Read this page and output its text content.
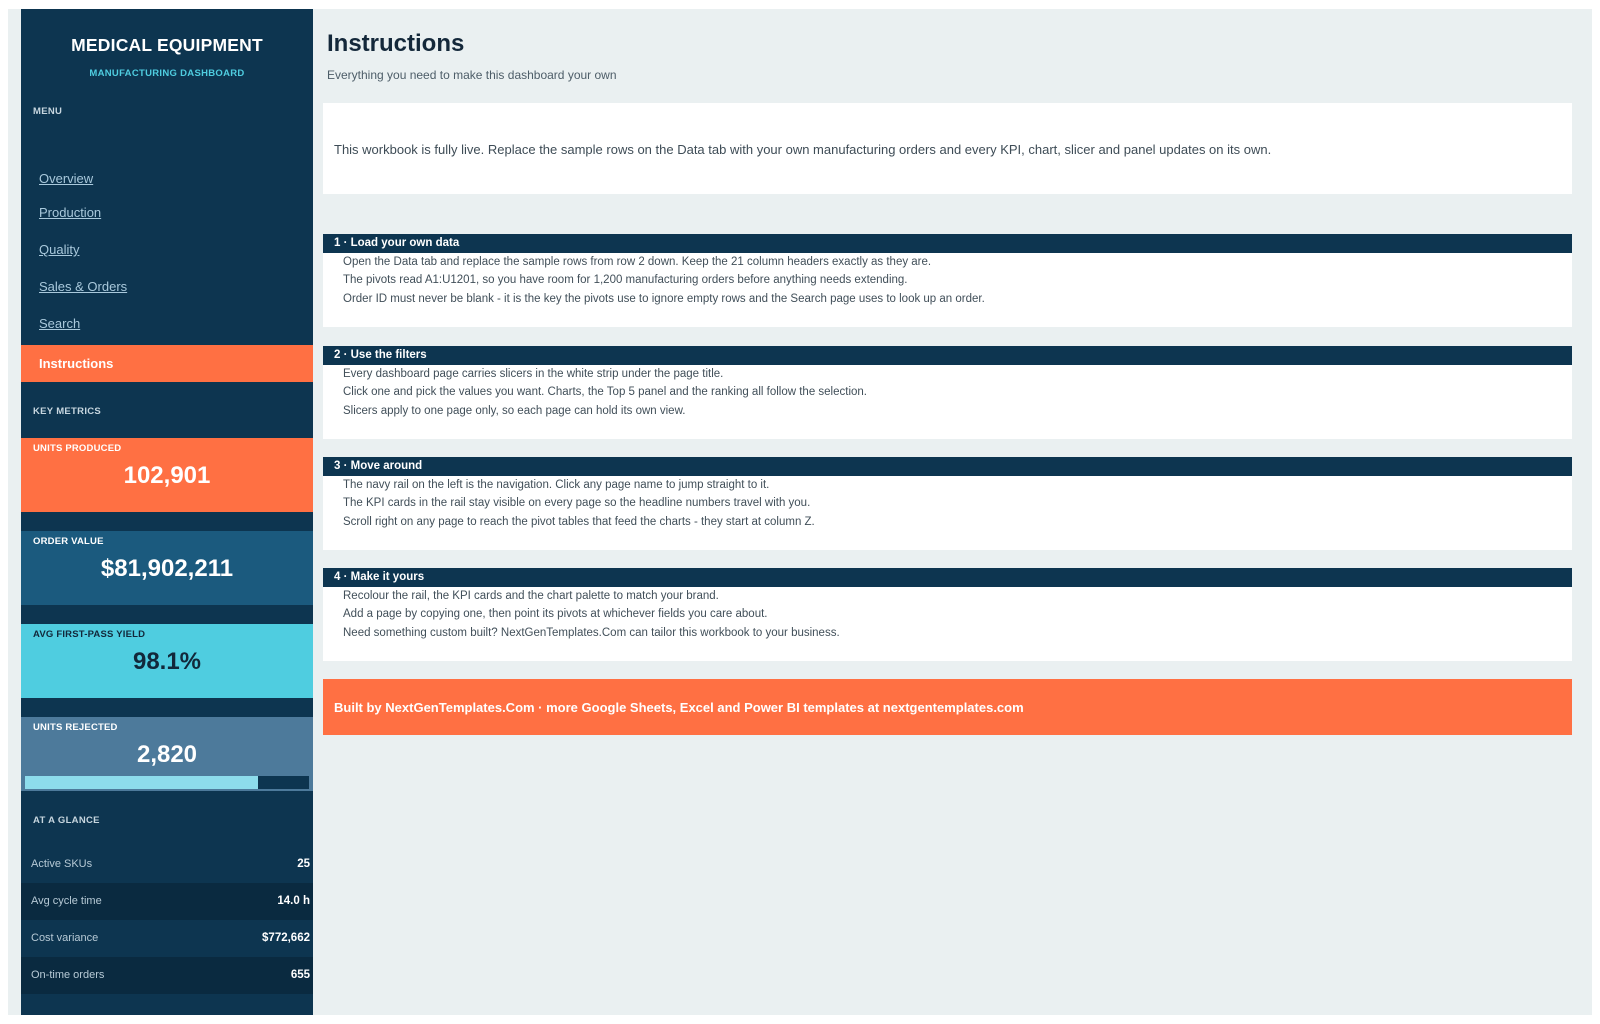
MEDICAL EQUIPMENT
MANUFACTURING DASHBOARD
MENU
Overview
Production
Quality
Sales & Orders
Search
Instructions
KEY METRICS
UNITS PRODUCED
102,901
ORDER VALUE
$81,902,211
AVG FIRST-PASS YIELD
98.1%
UNITS REJECTED
2,820
AT A GLANCE
Active SKUs	25
Avg cycle time	14.0 h
Cost variance	$772,662
On-time orders	655
Instructions
Everything you need to make this dashboard your own
This workbook is fully live. Replace the sample rows on the Data tab with your own manufacturing orders and every KPI, chart, slicer and panel updates on its own.
1 · Load your own data
Open the Data tab and replace the sample rows from row 2 down. Keep the 21 column headers exactly as they are.
The pivots read A1:U1201, so you have room for 1,200 manufacturing orders before anything needs extending.
Order ID must never be blank - it is the key the pivots use to ignore empty rows and the Search page uses to look up an order.
2 · Use the filters
Every dashboard page carries slicers in the white strip under the page title.
Click one and pick the values you want. Charts, the Top 5 panel and the ranking all follow the selection.
Slicers apply to one page only, so each page can hold its own view.
3 · Move around
The navy rail on the left is the navigation. Click any page name to jump straight to it.
The KPI cards in the rail stay visible on every page so the headline numbers travel with you.
Scroll right on any page to reach the pivot tables that feed the charts - they start at column Z.
4 · Make it yours
Recolour the rail, the KPI cards and the chart palette to match your brand.
Add a page by copying one, then point its pivots at whichever fields you care about.
Need something custom built? NextGenTemplates.Com can tailor this workbook to your business.
Built by NextGenTemplates.Com · more Google Sheets, Excel and Power BI templates at nextgentemplates.com
